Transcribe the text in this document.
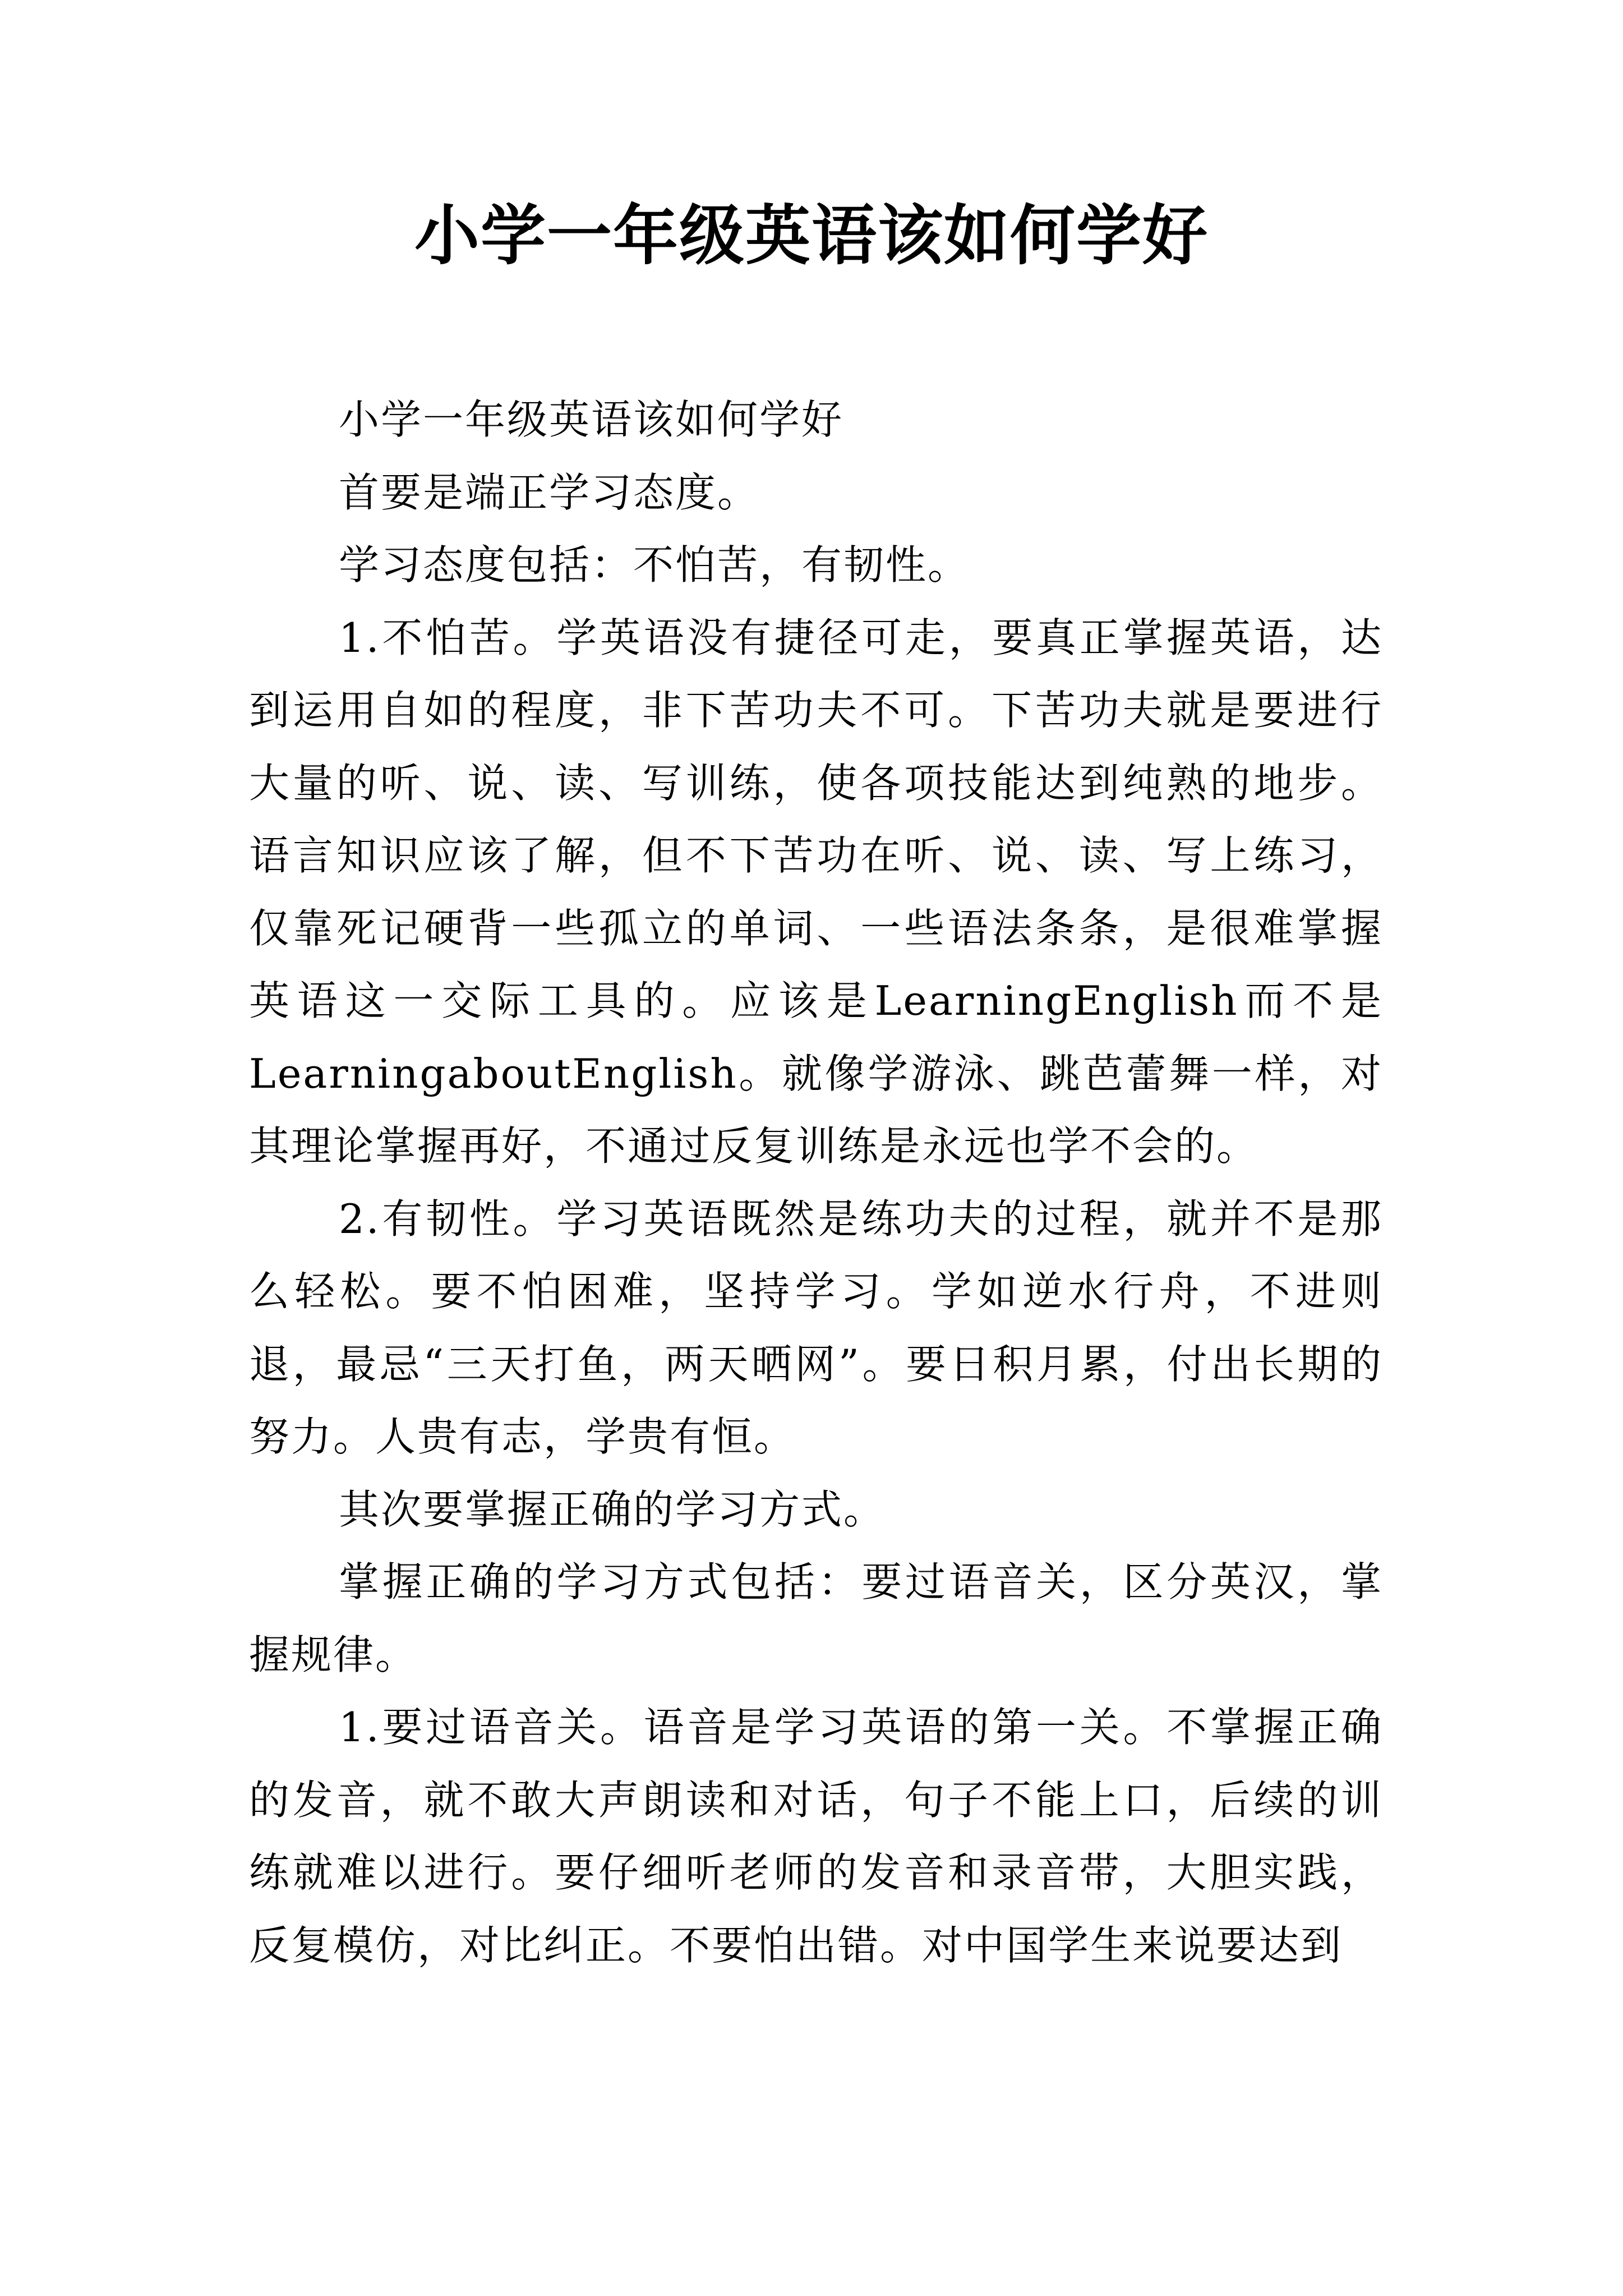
小学一年级英语该如何学好

小学一年级英语该如何学好

首要是端正学习态度。

学习态度包括：不怕苦，有韧性。

1.不怕苦。学英语没有捷径可走，要真正掌握英语，达到运用自如的程度，非下苦功夫不可。下苦功夫就是要进行大量的听、说、读、写训练，使各项技能达到纯熟的地步。语言知识应该了解，但不下苦功在听、说、读、写上练习，仅靠死记硬背一些孤立的单词、一些语法条条，是很难掌握英语这一交际工具的。应该是LearningEnglish而不是LearningaboutEnglish。就像学游泳、跳芭蕾舞一样，对其理论掌握再好，不通过反复训练是永远也学不会的。

2.有韧性。学习英语既然是练功夫的过程，就并不是那么轻松。要不怕困难，坚持学习。学如逆水行舟，不进则退，最忌“三天打鱼，两天晒网”。要日积月累，付出长期的努力。人贵有志，学贵有恒。

其次要掌握正确的学习方式。

掌握正确的学习方式包括：要过语音关，区分英汉，掌握规律。

1.要过语音关。语音是学习英语的第一关。不掌握正确的发音，就不敢大声朗读和对话，句子不能上口，后续的训练就难以进行。要仔细听老师的发音和录音带，大胆实践，反复模仿，对比纠正。不要怕出错。对中国学生来说要达到
